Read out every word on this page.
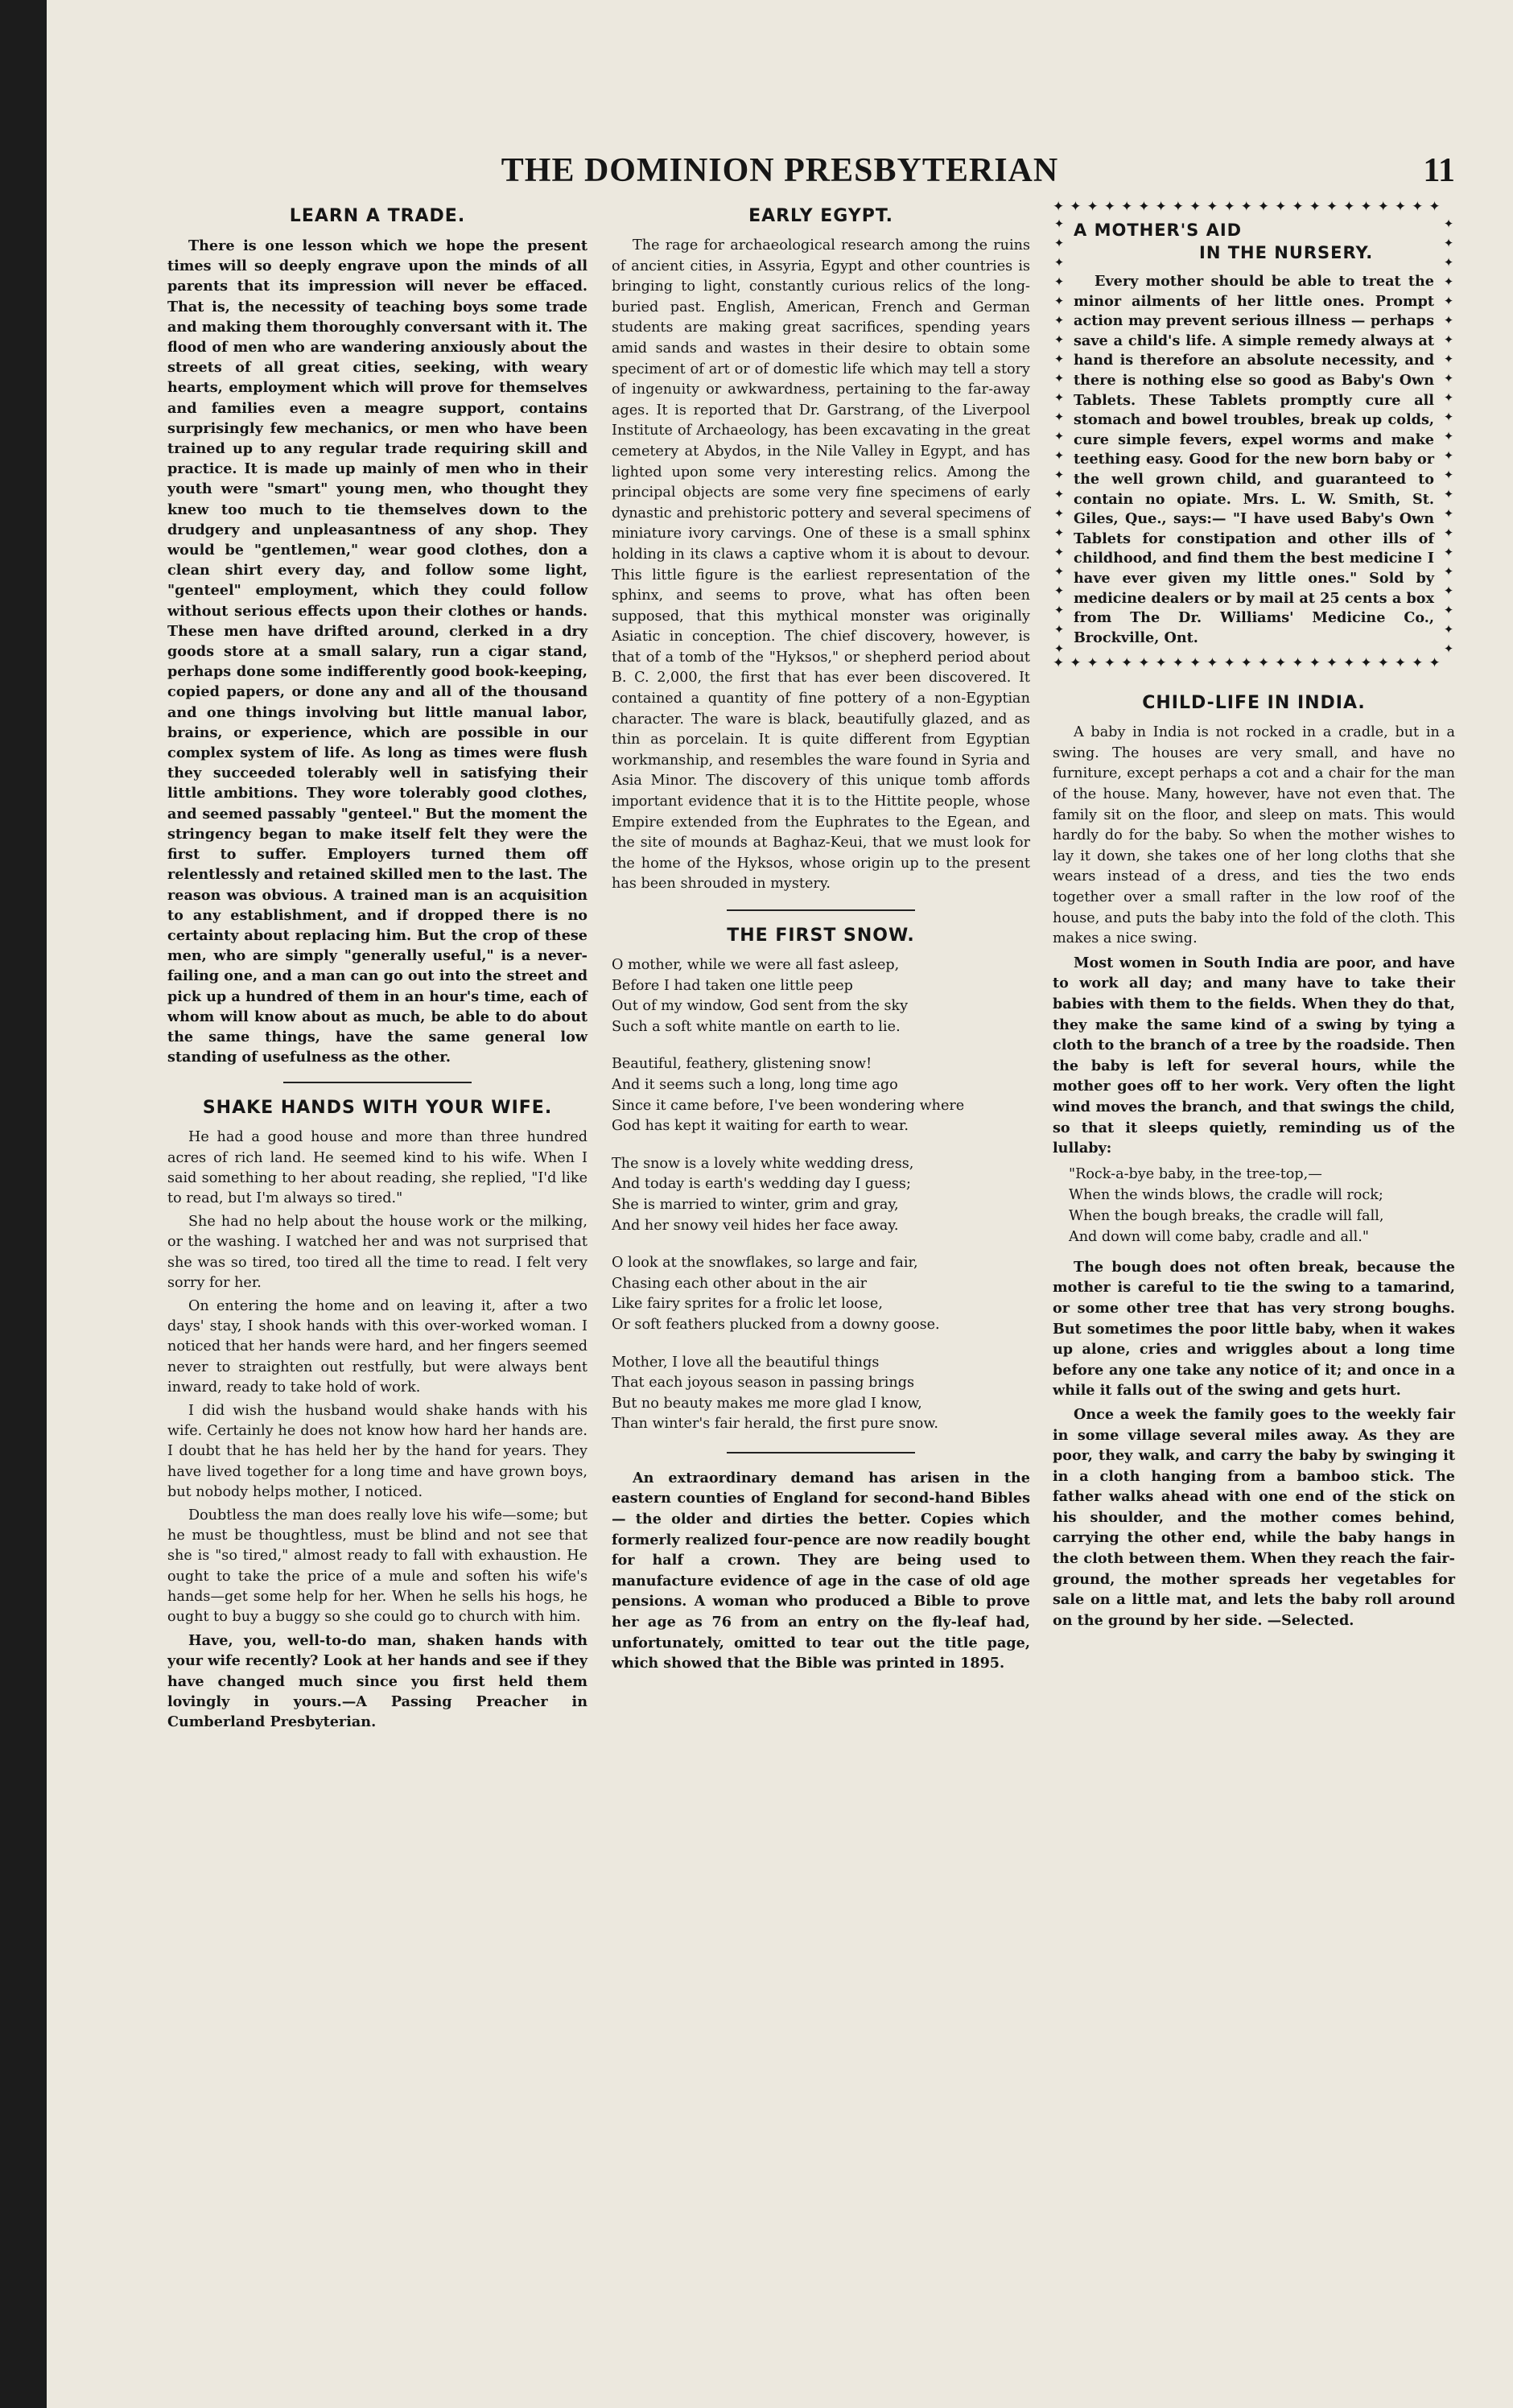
THE DOMINION PRESBYTERIAN	11
LEARN A TRADE.

There is one lesson which we hope the present times will so deeply engrave upon the minds of all parents that its impression will never be effaced. That is, the necessity of teaching boys some trade and making them thoroughly conversant with it. The flood of men who are wandering anxiously about the streets of all great cities, seeking, with weary hearts, employment which will prove for themselves and families even a meagre support, contains surprisingly few mechanics, or men who have been trained up to any regular trade requiring skill and practice. It is made up mainly of men who in their youth were "smart" young men, who thought they knew too much to tie themselves down to the drudgery and unpleasantness of any shop. They would be "gentlemen," wear good clothes, don a clean shirt every day, and follow some light, "genteel" employment, which they could follow without serious effects upon their clothes or hands. These men have drifted around, clerked in a dry goods store at a small salary, run a cigar stand, perhaps done some indifferently good book-keeping, copied papers, or done any and all of the thousand and one things involving but little manual labor, brains, or experience, which are possible in our complex system of life. As long as times were flush they succeeded tolerably well in satisfying their little ambitions. They wore tolerably good clothes, and seemed passably "genteel." But the moment the stringency began to make itself felt they were the first to suffer. Employers turned them off relentlessly and retained skilled men to the last. The reason was obvious. A trained man is an acquisition to any establishment, and if dropped there is no certainty about replacing him. But the crop of these men, who are simply "generally useful," is a never-failing one, and a man can go out into the street and pick up a hundred of them in an hour's time, each of whom will know about as much, be able to do about the same things, have the same general low standing of usefulness as the other.

SHAKE HANDS WITH YOUR WIFE.

He had a good house and more than three hundred acres of rich land. He seemed kind to his wife. When I said something to her about reading, she replied, "I'd like to read, but I'm always so tired."

She had no help about the house work or the milking, or the washing. I watched her and was not surprised that she was so tired, too tired all the time to read. I felt very sorry for her.

On entering the home and on leaving it, after a two days' stay, I shook hands with this over-worked woman. I noticed that her hands were hard, and her fingers seemed never to straighten out restfully, but were always bent inward, ready to take hold of work.

I did wish the husband would shake hands with his wife. Certainly he does not know how hard her hands are. I doubt that he has held her by the hand for years. They have lived together for a long time and have grown boys, but nobody helps mother, I noticed.

Doubtless the man does really love his wife—some; but he must be thoughtless, must be blind and not see that she is "so tired," almost ready to fall with exhaustion. He ought to take the price of a mule and soften his wife's hands—get some help for her. When he sells his hogs, he ought to buy a buggy so she could go to church with him.

Have, you, well-to-do man, shaken hands with your wife recently? Look at her hands and see if they have changed much since you first held them lovingly in yours.—A Passing Preacher in Cumberland Presbyterian.

EARLY EGYPT.

The rage for archaeological research among the ruins of ancient cities, in Assyria, Egypt and other countries is bringing to light, constantly curious relics of the long-buried past. English, American, French and German students are making great sacrifices, spending years amid sands and wastes in their desire to obtain some speciment of art or of domestic life which may tell a story of ingenuity or awkwardness, pertaining to the far-away ages. It is reported that Dr. Garstrang, of the Liverpool Institute of Archaeology, has been excavating in the great cemetery at Abydos, in the Nile Valley in Egypt, and has lighted upon some very interesting relics. Among the principal objects are some very fine specimens of early dynastic and prehistoric pottery and several specimens of miniature ivory carvings. One of these is a small sphinx holding in its claws a captive whom it is about to devour. This little figure is the earliest representation of the sphinx, and seems to prove, what has often been supposed, that this mythical monster was originally Asiatic in conception. The chief discovery, however, is that of a tomb of the "Hyksos," or shepherd period about B. C. 2,000, the first that has ever been discovered. It contained a quantity of fine pottery of a non-Egyptian character. The ware is black, beautifully glazed, and as thin as porcelain. It is quite different from Egyptian workmanship, and resembles the ware found in Syria and Asia Minor. The discovery of this unique tomb affords important evidence that it is to the Hittite people, whose Empire extended from the Euphrates to the Egean, and the site of mounds at Baghaz-Keui, that we must look for the home of the Hyksos, whose origin up to the present has been shrouded in mystery.

THE FIRST SNOW.
O mother, while we were all fast asleep,
Before I had taken one little peep
Out of my window, God sent from the sky
Such a soft white mantle on earth to lie.
Beautiful, feathery, glistening snow!
And it seems such a long, long time ago
Since it came before, I've been wondering where
God has kept it waiting for earth to wear.
The snow is a lovely white wedding dress,
And today is earth's wedding day I guess;
She is married to winter, grim and gray,
And her snowy veil hides her face away.
O look at the snowflakes, so large and fair,
Chasing each other about in the air
Like fairy sprites for a frolic let loose,
Or soft feathers plucked from a downy goose.
Mother, I love all the beautiful things
That each joyous season in passing brings
But no beauty makes me more glad I know,
Than winter's fair herald, the first pure snow.

An extraordinary demand has arisen in the eastern counties of England for second-hand Bibles — the older and dirties the better. Copies which formerly realized four-pence are now readily bought for half a crown. They are being used to manufacture evidence of age in the case of old age pensions. A woman who produced a Bible to prove her age as 76 from an entry on the fly-leaf had, unfortunately, omitted to tear out the title page, which showed that the Bible was printed in 1895.

✦✦✦✦✦✦✦✦✦✦✦✦✦✦✦✦✦✦✦✦✦✦✦
✦✦✦✦✦✦✦✦✦✦✦✦✦✦✦✦✦✦✦✦✦✦✦
✦✦✦✦✦✦✦✦✦✦✦✦✦✦✦✦✦✦✦✦✦✦✦
A MOTHER'S AID
IN THE NURSERY.

Every mother should be able to treat the minor ailments of her little ones. Prompt action may prevent serious illness — perhaps save a child's life. A simple remedy always at hand is therefore an absolute necessity, and there is nothing else so good as Baby's Own Tablets. These Tablets promptly cure all stomach and bowel troubles, break up colds, cure simple fevers, expel worms and make teething easy. Good for the new born baby or the well grown child, and guaranteed to contain no opiate. Mrs. L. W. Smith, St. Giles, Que., says:— "I have used Baby's Own Tablets for constipation and other ills of childhood, and find them the best medicine I have ever given my little ones." Sold by medicine dealers or by mail at 25 cents a box from The Dr. Williams' Medicine Co., Brockville, Ont.

✦✦✦✦✦✦✦✦✦✦✦✦✦✦✦✦✦✦✦✦✦✦✦
CHILD-LIFE IN INDIA.

A baby in India is not rocked in a cradle, but in a swing. The houses are very small, and have no furniture, except perhaps a cot and a chair for the man of the house. Many, however, have not even that. The family sit on the floor, and sleep on mats. This would hardly do for the baby. So when the mother wishes to lay it down, she takes one of her long cloths that she wears instead of a dress, and ties the two ends together over a small rafter in the low roof of the house, and puts the baby into the fold of the cloth. This makes a nice swing.

Most women in South India are poor, and have to work all day; and many have to take their babies with them to the fields. When they do that, they make the same kind of a swing by tying a cloth to the branch of a tree by the roadside. Then the baby is left for several hours, while the mother goes off to her work. Very often the light wind moves the branch, and that swings the child, so that it sleeps quietly, reminding us of the lullaby:

"Rock-a-bye baby, in the tree-top,—
When the winds blows, the cradle will rock;
When the bough breaks, the cradle will fall,
And down will come baby, cradle and all."

The bough does not often break, because the mother is careful to tie the swing to a tamarind, or some other tree that has very strong boughs. But sometimes the poor little baby, when it wakes up alone, cries and wriggles about a long time before any one take any notice of it; and once in a while it falls out of the swing and gets hurt.

Once a week the family goes to the weekly fair in some village several miles away. As they are poor, they walk, and carry the baby by swinging it in a cloth hanging from a bamboo stick. The father walks ahead with one end of the stick on his shoulder, and the mother comes behind, carrying the other end, while the baby hangs in the cloth between them. When they reach the fair-ground, the mother spreads her vegetables for sale on a little mat, and lets the baby roll around on the ground by her side. —Selected.
